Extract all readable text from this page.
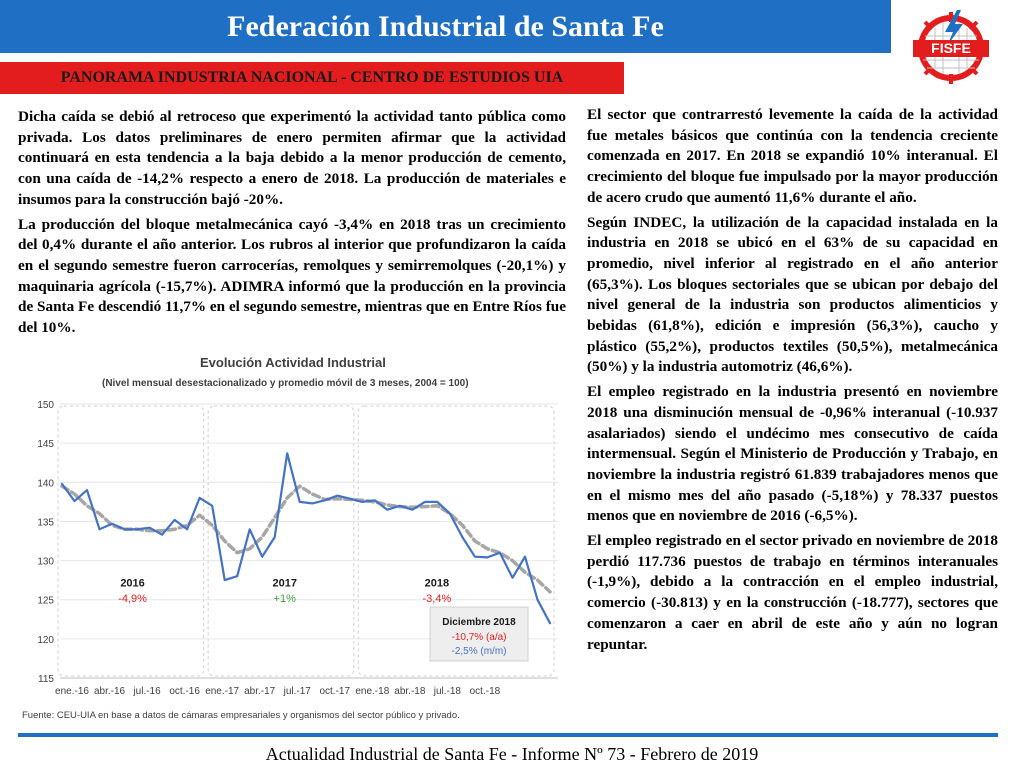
Federación Industrial de Santa Fe
FISFE
PANORAMA INDUSTRIA NACIONAL - CENTRO DE ESTUDIOS UIA

Dicha caída se debió al retroceso que experimentó la actividad tanto pública como privada. Los datos preliminares de enero permiten afirmar que la actividad continuará en esta tendencia a la baja debido a la menor producción de cemento, con una caída de -14,2% respecto a enero de 2018. La producción de materiales e insumos para la construcción bajó -20%.

La producción del bloque metalmecánica cayó -3,4% en 2018 tras un crecimiento del 0,4% durante el año anterior. Los rubros al interior que profundizaron la caída en el segundo semestre fueron carrocerías, remolques y semirremolques (-20,1%) y maquinaria agrícola (-15,7%). ADIMRA informó que la producción en la provincia de Santa Fe descendió 11,7% en el segundo semestre, mientras que en Entre Ríos fue del 10%.

Evolución Actividad Industrial
(Nivel mensual desestacionalizado y promedio móvil de 3 meses, 2004 = 100)
115
120
125
130
135
140
145
150
ene.-16 abr.-16 jul.-16 oct.-16 ene.-17 abr.-17 jul.-17 oct.-17 ene.-18 abr.-18 jul.-18 oct.-18
2016
-4,9%
2017
+1%
2018
-3,4%
Diciembre 2018
-10,7% (a/a)
-2,5% (m/m)
Fuente: CEU-UIA en base a datos de cámaras empresariales y organismos del sector público y privado.

El sector que contrarrestó levemente la caída de la actividad fue metales básicos que continúa con la tendencia creciente comenzada en 2017. En 2018 se expandió 10% interanual. El crecimiento del bloque fue impulsado por la mayor producción de acero crudo que aumentó 11,6% durante el año.

Según INDEC, la utilización de la capacidad instalada en la industria en 2018 se ubicó en el 63% de su capacidad en promedio, nivel inferior al registrado en el año anterior (65,3%). Los bloques sectoriales que se ubican por debajo del nivel general de la industria son productos alimenticios y bebidas (61,8%), edición e impresión (56,3%), caucho y plástico (55,2%), productos textiles (50,5%), metalmecánica (50%) y la industria automotriz (46,6%).

El empleo registrado en la industria presentó en noviembre 2018 una disminución mensual de -0,96% interanual (-10.937 asalariados) siendo el undécimo mes consecutivo de caída intermensual. Según el Ministerio de Producción y Trabajo, en noviembre la industria registró 61.839 trabajadores menos que en el mismo mes del año pasado (-5,18%) y 78.337 puestos menos que en noviembre de 2016 (-6,5%).

El empleo registrado en el sector privado en noviembre de 2018 perdió 117.736 puestos de trabajo en términos interanuales (-1,9%), debido a la contracción en el empleo industrial, comercio (-30.813) y en la construcción (-18.777), sectores que comenzaron a caer en abril de este año y aún no logran repuntar.

Actualidad Industrial de Santa Fe - Informe Nº 73 - Febrero de 2019
